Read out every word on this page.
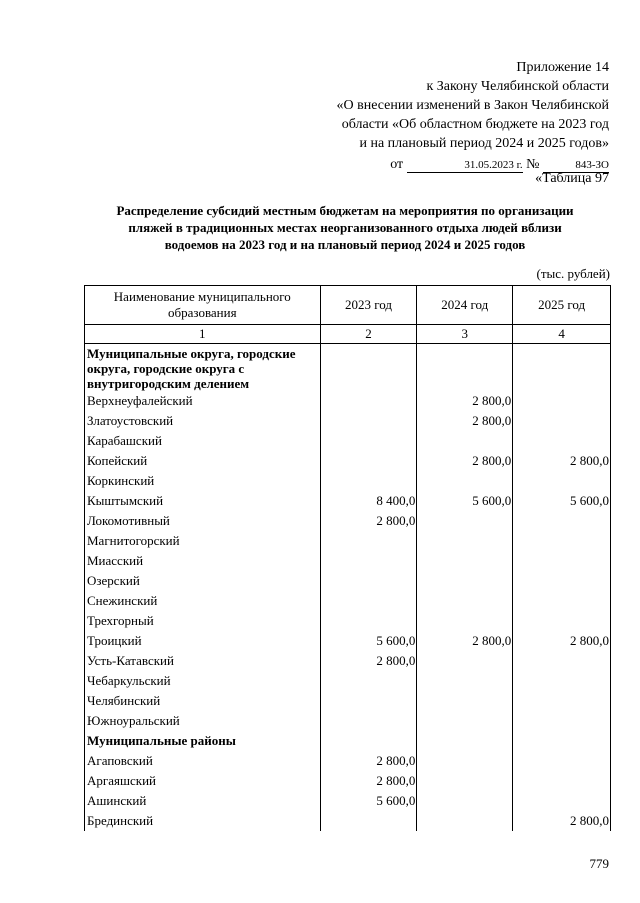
Приложение 14
к Закону Челябинской области
«О внесении изменений в Закон Челябинской
области «Об областном бюджете на 2023 год
и на плановый период 2024 и 2025 годов»
от	31.05.2023 г. №	843-ЗО
«Таблица 97
Распределение субсидий местным бюджетам на мероприятия по организации
пляжей в традиционных местах неорганизованного отдыха людей вблизи
водоемов на 2023 год и на плановый период 2024 и 2025 годов
(тыс. рублей)
Наименование муниципального образования	2023 год	2024 год	2025 год
1	2	3	4
Муниципальные округа, городские округа, городские округа с внутригородским делением			
Верхнеуфалейский		2 800,0	
Златоустовский		2 800,0	
Карабашский			
Копейский		2 800,0	2 800,0
Коркинский			
Кыштымский	8 400,0	5 600,0	5 600,0
Локомотивный	2 800,0		
Магнитогорский			
Миасский			
Озерский			
Снежинский			
Трехгорный			
Троицкий	5 600,0	2 800,0	2 800,0
Усть-Катавский	2 800,0		
Чебаркульский			
Челябинский			
Южноуральский			
Муниципальные районы			
Агаповский	2 800,0		
Аргаяшский	2 800,0		
Ашинский	5 600,0		
Брединский			2 800,0
779
